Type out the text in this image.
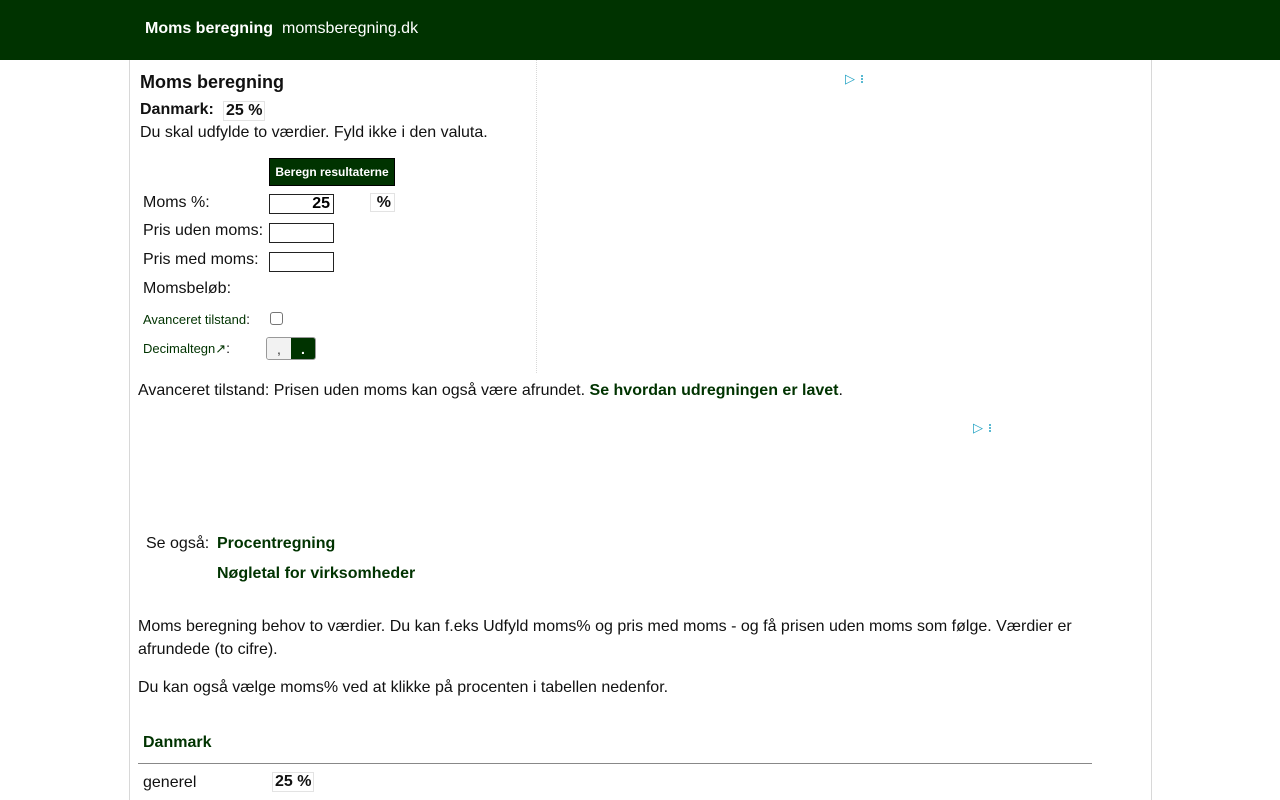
Moms beregning momsberegning.dk
Moms beregning
Danmark: 25 %
Du skal udfylde to værdier. Fyld ikke i den valuta.
Beregn resultaterne
Moms %:
25	%
Pris uden moms:
Pris med moms:
Momsbeløb:
Avanceret tilstand:
Decimaltegn↗:	,	.
▷
▷
Avanceret tilstand: Prisen uden moms kan også være afrundet. Se hvordan udregningen er lavet.
Se også: Procentregning
Nøgletal for virksomheder
Moms beregning behov to værdier. Du kan f.eks Udfyld moms% og pris med moms - og få prisen uden moms som følge. Værdier er afrundede (to cifre).
Du kan også vælge moms% ved at klikke på procenten i tabellen nedenfor.
Danmark
generel	25 %
